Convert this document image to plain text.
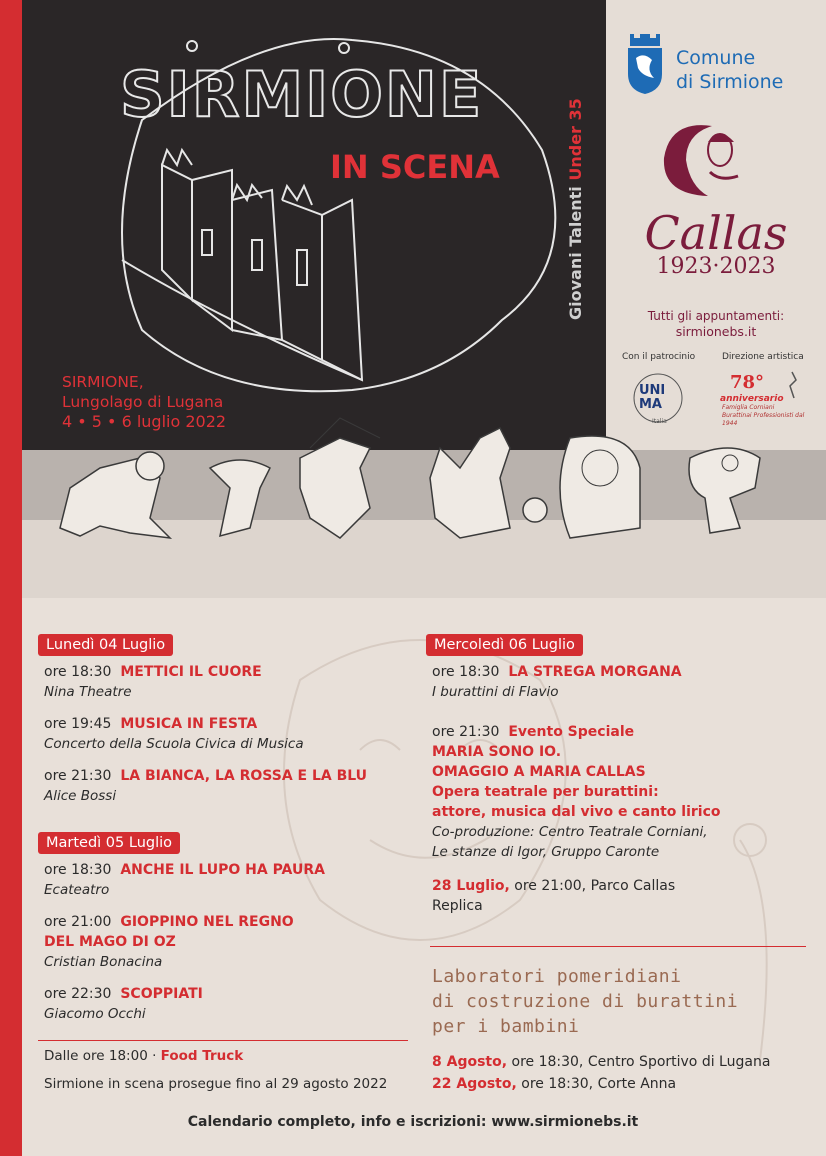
SIRMIONE
IN SCENA
Giovani Talenti Under 35
SIRMIONE,
Lungolago di Lugana
4 • 5 • 6 luglio 2022
Comune
di Sirmione
Callas
1923·2023
Tutti gli appuntamenti:
sirmionebs.it
Con il patrocinio	Direzione artistica
UNI
MA
Italia
78°
anniversario
Famiglia Corniani
Burattinai Professionisti dal 1944
Lunedì 04 Luglio
ore 18:30 METTICI IL CUORE
Nina Theatre
ore 19:45 MUSICA IN FESTA
Concerto della Scuola Civica di Musica
ore 21:30 LA BIANCA, LA ROSSA E LA BLU
Alice Bossi
Martedì 05 Luglio
ore 18:30 ANCHE IL LUPO HA PAURA
Ecateatro
ore 21:00 GIOPPINO NEL REGNO
DEL MAGO DI OZ
Cristian Bonacina
ore 22:30 SCOPPIATI
Giacomo Occhi
Dalle ore 18:00 · Food Truck
Sirmione in scena prosegue fino al 29 agosto 2022
Mercoledì 06 Luglio
ore 18:30 LA STREGA MORGANA
I burattini di Flavio
ore 21:30 Evento Speciale
MARIA SONO IO.
OMAGGIO A MARIA CALLAS
Opera teatrale per burattini:
attore, musica dal vivo e canto lirico
Co-produzione: Centro Teatrale Corniani,
Le stanze di Igor, Gruppo Caronte
28 Luglio, ore 21:00, Parco Callas
Replica
Laboratori pomeridiani
di costruzione di burattini
per i bambini
8 Agosto, ore 18:30, Centro Sportivo di Lugana
22 Agosto, ore 18:30, Corte Anna
Calendario completo, info e iscrizioni: www.sirmionebs.it
